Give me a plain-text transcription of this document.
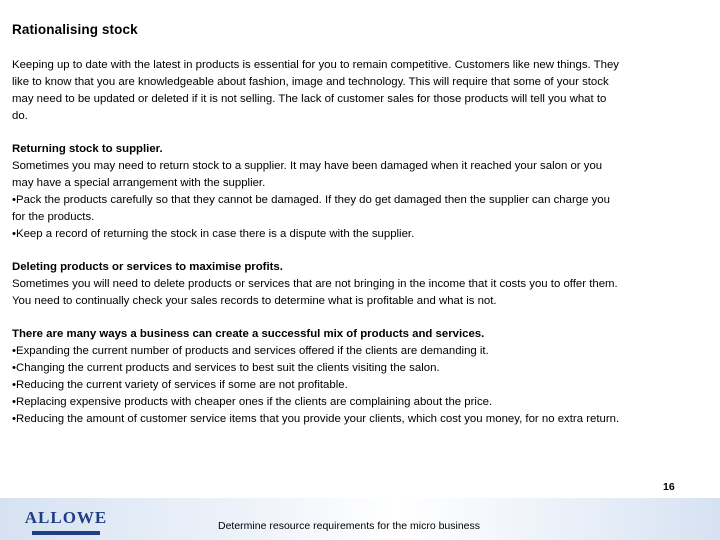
Rationalising stock
Keeping up to date with the latest in products is essential for you to remain competitive. Customers like new things. They
like to know that you are knowledgeable about fashion, image and technology. This will require that some of your stock
may need to be updated or deleted if it is not selling. The lack of customer sales for those products will tell you what to
do.
Returning stock to supplier.
Sometimes you may need to return stock to a supplier. It may have been damaged when it reached your salon or you
may have a special arrangement with the supplier.
•Pack the products carefully so that they cannot be damaged. If they do get damaged then the supplier can charge you
for the products.
•Keep a record of returning the stock in case there is a dispute with the supplier.
Deleting products or services to maximise profits.
Sometimes you will need to delete products or services that are not bringing in the income that it costs you to offer them.
You need to continually check your sales records to determine what is profitable and what is not.
There are many ways a business can create a successful mix of products and services.
•Expanding the current number of products and services offered if the clients are demanding it.
•Changing the current products and services to best suit the clients visiting the salon.
•Reducing the current variety of services if some are not profitable.
•Replacing expensive products with cheaper ones if the clients are complaining about the price.
•Reducing the amount of customer service items that you provide your clients, which cost you money, for no extra return.
ALLOWE	Determine resource requirements for the micro business
16
